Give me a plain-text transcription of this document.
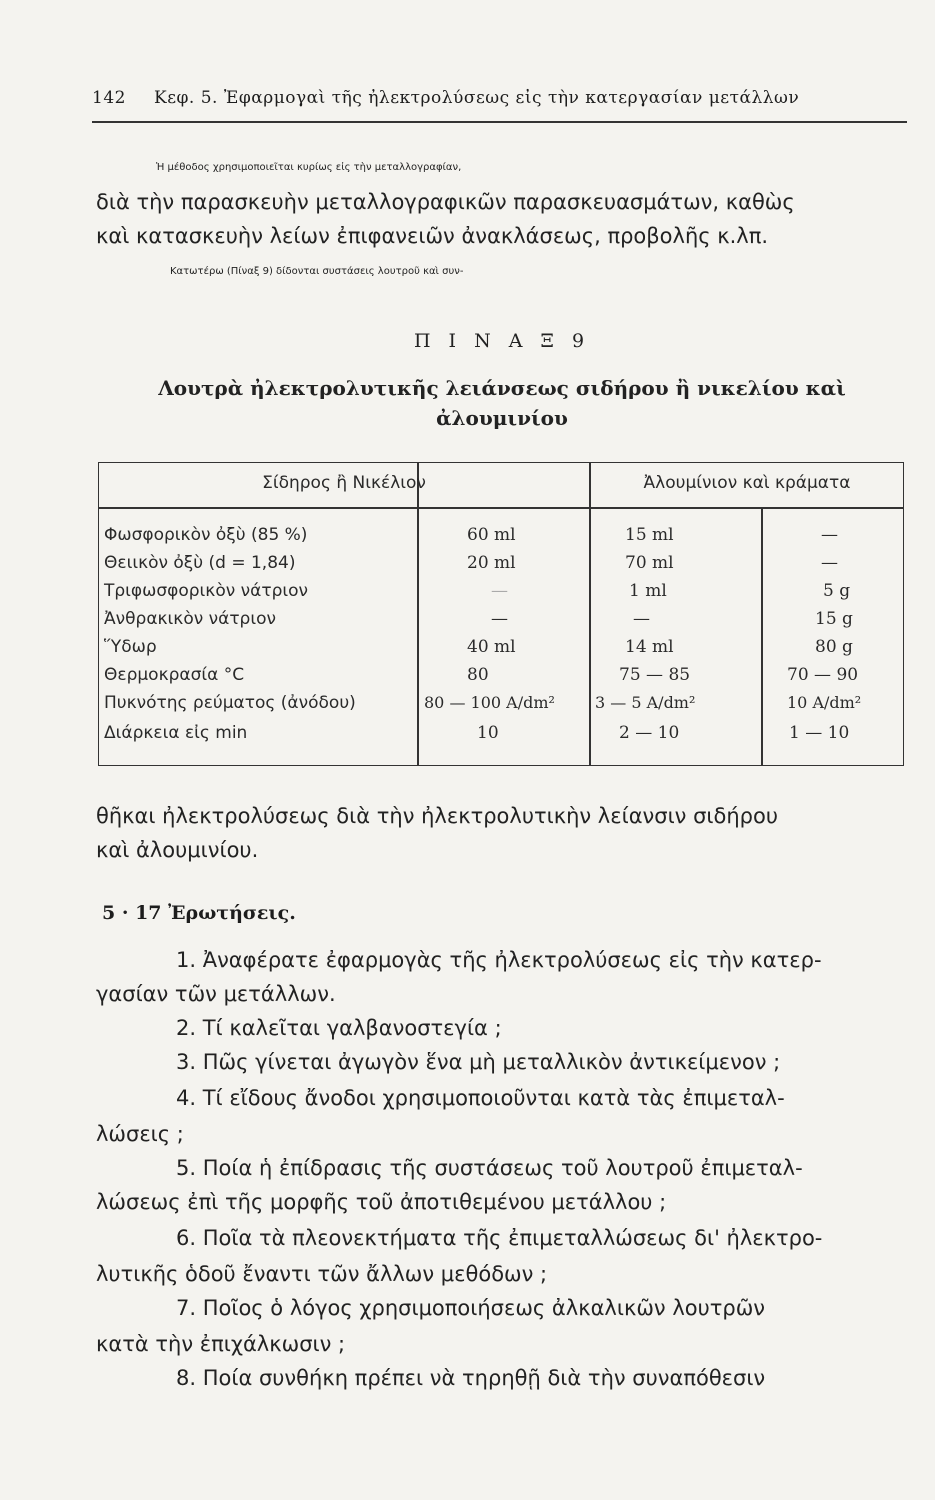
142 Κεφ. 5. Ἐφαρμογαὶ τῆς ἠλεκτρολύσεως εἰς τὴν κατεργασίαν μετάλλων
Ἡ μέθοδος χρησιμοποιεῖται κυρίως εἰς τὴν μεταλλογραφίαν,
διὰ τὴν παρασκευὴν μεταλλογραφικῶν παρασκευασμάτων, καθὼς
καὶ κατασκευὴν λείων ἐπιφανειῶν ἀνακλάσεως, προβολῆς κ.λπ.
Κατωτέρω (Πίναξ 9) δίδονται συστάσεις λουτροῦ καὶ συν-
Π Ι Ν Α Ξ 9
Λουτρὰ ἠλεκτρολυτικῆς λειάνσεως σιδήρου ἢ νικελίου καὶ
ἀλουμινίου
Σίδηρος ἢ Νικέλιον	Ἀλουμίνιον καὶ κράματα
Φωσφορικὸν ὀξὺ (85 %)	60 ml	15 ml	—
Θειικὸν ὀξὺ (d = 1,84)	20 ml	70 ml	—
Τριφωσφορικὸν νάτριον	—	1 ml	5 g
Ἀνθρακικὸν νάτριον	—	—	15 g
Ὕδωρ	40 ml	14 ml	80 g
Θερμοκρασία °C	80	75 — 85	70 — 90
Πυκνότης ρεύματος (ἀνόδου)	80 — 100 A/dm²	3 — 5 A/dm²	10 A/dm²
Διάρκεια εἰς min	10	2 — 10	1 — 10
θῆκαι ἠλεκτρολύσεως διὰ τὴν ἠλεκτρολυτικὴν λείανσιν σιδήρου
καὶ ἀλουμινίου.
5 · 17 Ἐρωτήσεις.
1. Ἀναφέρατε ἐφαρμογὰς τῆς ἠλεκτρολύσεως εἰς τὴν κατερ-
γασίαν τῶν μετάλλων.
2. Τί καλεῖται γαλβανοστεγία ;
3. Πῶς γίνεται ἀγωγὸν ἕνα μὴ μεταλλικὸν ἀντικείμενον ;
4. Τί εἴδους ἄνοδοι χρησιμοποιοῦνται κατὰ τὰς ἐπιμεταλ-
λώσεις ;
5. Ποία ἡ ἐπίδρασις τῆς συστάσεως τοῦ λουτροῦ ἐπιμεταλ-
λώσεως ἐπὶ τῆς μορφῆς τοῦ ἀποτιθεμένου μετάλλου ;
6. Ποῖα τὰ πλεονεκτήματα τῆς ἐπιμεταλλώσεως δι' ἠλεκτρο-
λυτικῆς ὁδοῦ ἔναντι τῶν ἄλλων μεθόδων ;
7. Ποῖος ὁ λόγος χρησιμοποιήσεως ἀλκαλικῶν λουτρῶν
κατὰ τὴν ἐπιχάλκωσιν ;
8. Ποία συνθήκη πρέπει νὰ τηρηθῇ διὰ τὴν συναπόθεσιν
